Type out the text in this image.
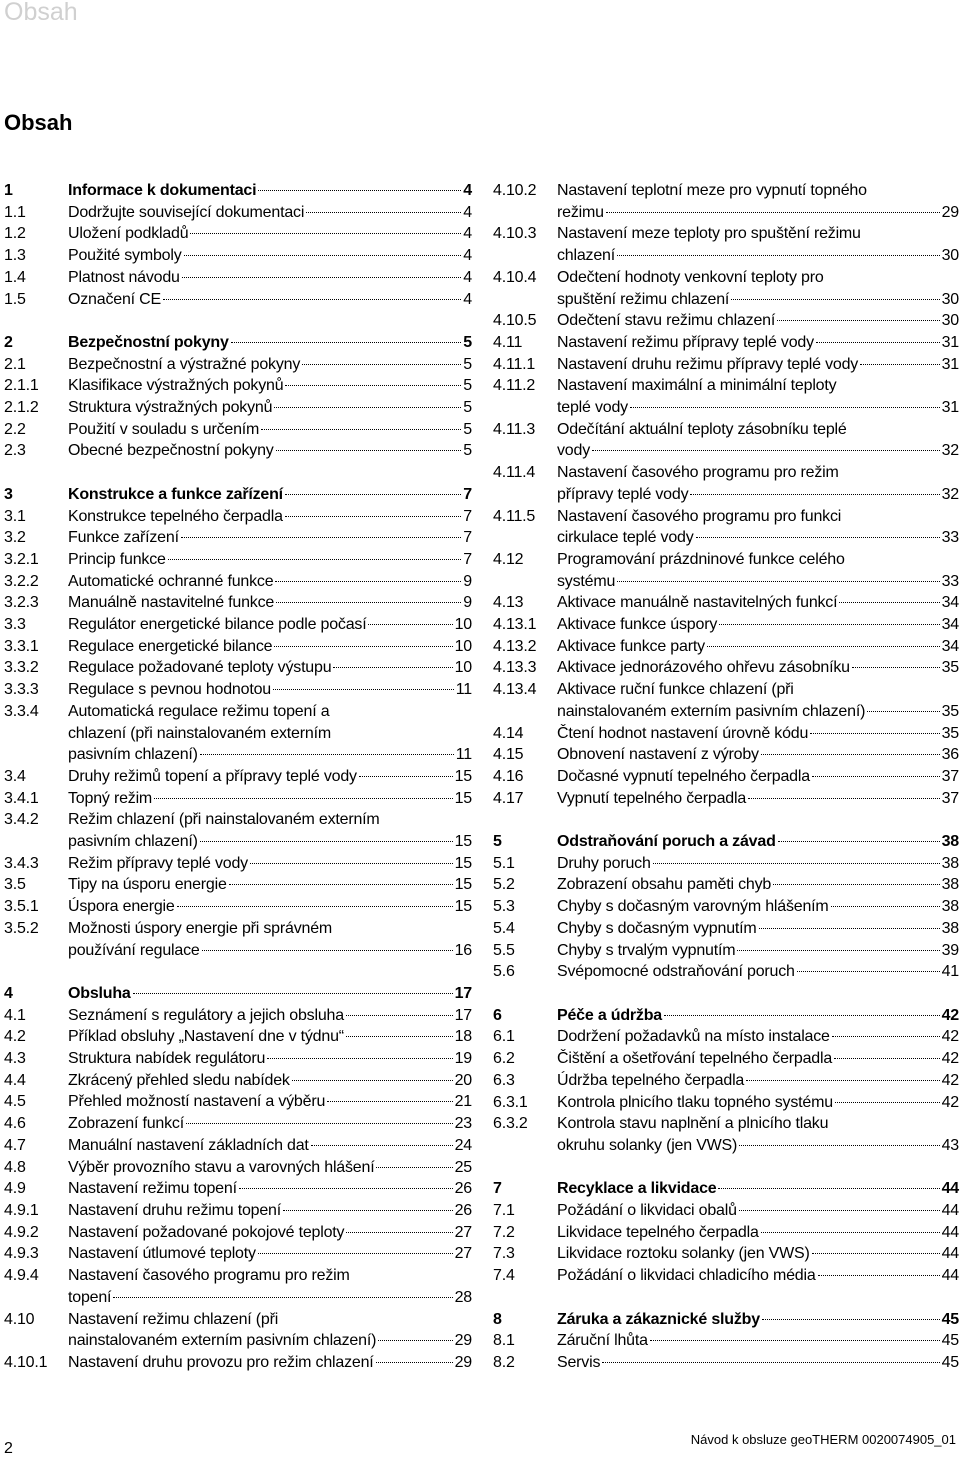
Obsah
Obsah
1	Informace k dokumentaci	4
1.1	Dodržujte související dokumentaci	4
1.2	Uložení podkladů	4
1.3	Použité symboly	4
1.4	Platnost návodu	4
1.5	Označení CE	4
2	Bezpečnostní pokyny	5
2.1	Bezpečnostní a výstražné pokyny	5
2.1.1	Klasifikace výstražných pokynů	5
2.1.2	Struktura výstražných pokynů	5
2.2	Použití v souladu s určením	5
2.3	Obecné bezpečnostní pokyny	5
3	Konstrukce a funkce zařízení	7
3.1	Konstrukce tepelného čerpadla	7
3.2	Funkce zařízení	7
3.2.1	Princip funkce	7
3.2.2	Automatické ochranné funkce	9
3.2.3	Manuálně nastavitelné funkce	9
3.3	Regulátor energetické bilance podle počasí	10
3.3.1	Regulace energetické bilance	10
3.3.2	Regulace požadované teploty výstupu	10
3.3.3	Regulace s pevnou hodnotou	11
3.3.4	Automatická regulace režimu topení a
chlazení (při nainstalovaném externím
pasivním chlazení)	11
3.4	Druhy režimů topení a přípravy teplé vody	15
3.4.1	Topný režim	15
3.4.2	Režim chlazení (při nainstalovaném externím
pasivním chlazení)	15
3.4.3	Režim přípravy teplé vody	15
3.5	Tipy na úsporu energie	15
3.5.1	Úspora energie	15
3.5.2	Možnosti úspory energie při správném
používání regulace	16
4	Obsluha	17
4.1	Seznámení s regulátory a jejich obsluha	17
4.2	Příklad obsluhy „Nastavení dne v týdnu“	18
4.3	Struktura nabídek regulátoru	19
4.4	Zkrácený přehled sledu nabídek	20
4.5	Přehled možností nastavení a výběru	21
4.6	Zobrazení funkcí	23
4.7	Manuální nastavení základních dat	24
4.8	Výběr provozního stavu a varovných hlášení	25
4.9	Nastavení režimu topení	26
4.9.1	Nastavení druhu režimu topení	26
4.9.2	Nastavení požadované pokojové teploty	27
4.9.3	Nastavení útlumové teploty	27
4.9.4	Nastavení časového programu pro režim
topení	28
4.10	Nastavení režimu chlazení (při
nainstalovaném externím pasivním chlazení)	29
4.10.1	Nastavení druhu provozu pro režim chlazení	29
4.10.2	Nastavení teplotní meze pro vypnutí topného
režimu	29
4.10.3	Nastavení meze teploty pro spuštění režimu
chlazení	30
4.10.4	Odečtení hodnoty venkovní teploty pro
spuštění režimu chlazení	30
4.10.5	Odečtení stavu režimu chlazení	30
4.11	Nastavení režimu přípravy teplé vody	31
4.11.1	Nastavení druhu režimu přípravy teplé vody	31
4.11.2	Nastavení maximální a minimální teploty
teplé vody	31
4.11.3	Odečítání aktuální teploty zásobníku teplé
vody	32
4.11.4	Nastavení časového programu pro režim
přípravy teplé vody	32
4.11.5	Nastavení časového programu pro funkci
cirkulace teplé vody	33
4.12	Programování prázdninové funkce celého
systému	33
4.13	Aktivace manuálně nastavitelných funkcí	34
4.13.1	Aktivace funkce úspory	34
4.13.2	Aktivace funkce party	34
4.13.3	Aktivace jednorázového ohřevu zásobníku	35
4.13.4	Aktivace ruční funkce chlazení (při
nainstalovaném externím pasivním chlazení)	35
4.14	Čtení hodnot nastavení úrovně kódu	35
4.15	Obnovení nastavení z výroby	36
4.16	Dočasné vypnutí tepelného čerpadla	37
4.17	Vypnutí tepelného čerpadla	37
5	Odstraňování poruch a závad	38
5.1	Druhy poruch	38
5.2	Zobrazení obsahu paměti chyb	38
5.3	Chyby s dočasným varovným hlášením	38
5.4	Chyby s dočasným vypnutím	38
5.5	Chyby s trvalým vypnutím	39
5.6	Svépomocné odstraňování poruch	41
6	Péče a údržba	42
6.1	Dodržení požadavků na místo instalace	42
6.2	Čištění a ošetřování tepelného čerpadla	42
6.3	Údržba tepelného čerpadla	42
6.3.1	Kontrola plnicího tlaku topného systému	42
6.3.2	Kontrola stavu naplnění a plnicího tlaku
okruhu solanky (jen VWS)	43
7	Recyklace a likvidace	44
7.1	Požádání o likvidaci obalů	44
7.2	Likvidace tepelného čerpadla	44
7.3	Likvidace roztoku solanky (jen VWS)	44
7.4	Požádání o likvidaci chladicího média	44
8	Záruka a zákaznické služby	45
8.1	Záruční lhůta	45
8.2	Servis	45
2
Návod k obsluze geoTHERM 0020074905_01
